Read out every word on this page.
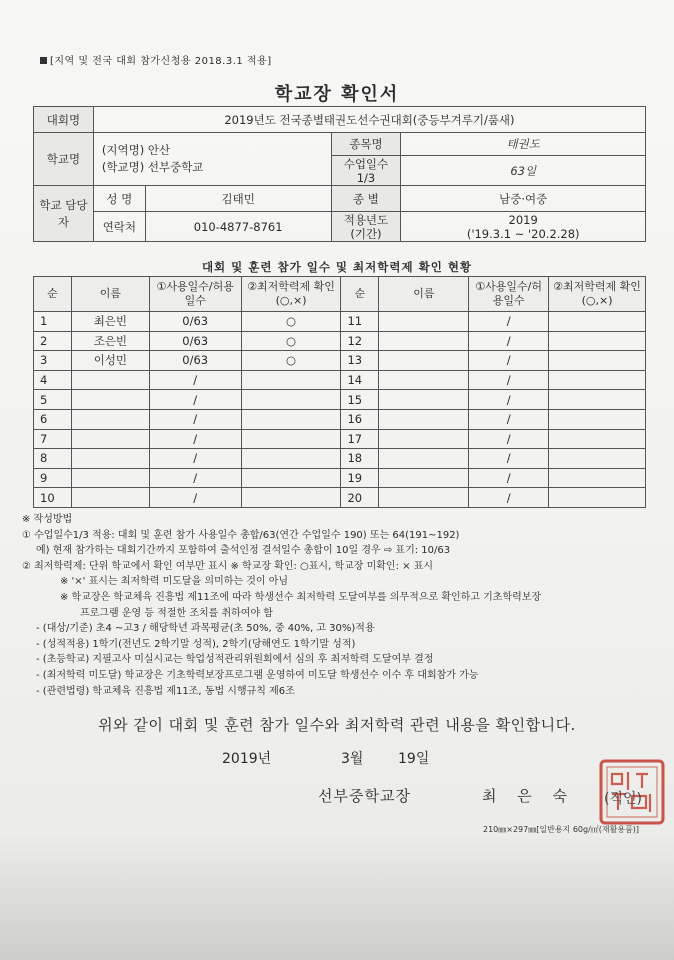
[지역 및 전국 대회 참가신청용 2018.3.1 적용]
학교장 확인서
대회명	2019년도 전국종별태권도선수권대회(중등부겨루기/품새)			
학교명	(지역명) 안산
(학교명) 선부중학교		종목명	태권도
			수업일수 1/3	63일
학교 담당자	성 명	김태민	종 별	남중·여중
	연락처	010-4877-8761	적용년도 (기간)	2019
('19.3.1 ~ '20.2.28)
대회 및 훈련 참가 일수 및 최저학력제 확인 현황
순	이름	①사용일수/허용일수	②최저학력제 확인(○,×)	순	이름	①사용일수/허용일수	②최저학력제 확인(○,×)
1	최은빈	0/63	○	11		/	
2	조은빈	0/63	○	12		/	
3	이성민	0/63	○	13		/	
4		/		14		/	
5		/		15		/	
6		/		16		/	
7		/		17		/	
8		/		18		/	
9		/		19		/	
10		/		20		/	
※ 작성방법
① 수업일수1/3 적용: 대회 및 훈련 참가 사용일수 총합/63(연간 수업일수 190) 또는 64(191~192)
예) 현재 참가하는 대회기간까지 포함하여 출석인정 결석일수 총합이 10일 경우 ⇨ 표기: 10/63
② 최저학력제: 단위 학교에서 확인 여부만 표시 ※ 학교장 확인: ○표시, 학교장 미확인: × 표시
※ '×' 표시는 최저학력 미도달을 의미하는 것이 아님
※ 학교장은 학교체육 진흥법 제11조에 따라 학생선수 최저학력 도달여부를 의무적으로 확인하고 기초학력보장
프로그램 운영 등 적절한 조치를 취하여야 함
- (대상/기준) 초4 ~고3 / 해당학년 과목평균(초 50%, 중 40%, 고 30%)적용
- (성적적용) 1학기(전년도 2학기말 성적), 2학기(당해연도 1학기말 성적)
- (초등학교) 지필고사 미실시교는 학업성적관리위원회에서 심의 후 최저학력 도달여부 결정
- (최저학력 미도달) 학교장은 기초학력보장프로그램 운영하여 미도달 학생선수 이수 후 대회참가 가능
- (관련법령) 학교체육 진흥법 제11조, 동법 시행규칙 제6조
위와 같이 대회 및 훈련 참가 일수와 최저학력 관련 내용을 확인합니다.
2019년	3월 19일
선부중학교장	최 은 숙 (직인)
210㎜×297㎜[일반용지 60g/㎡(재활용품)]
